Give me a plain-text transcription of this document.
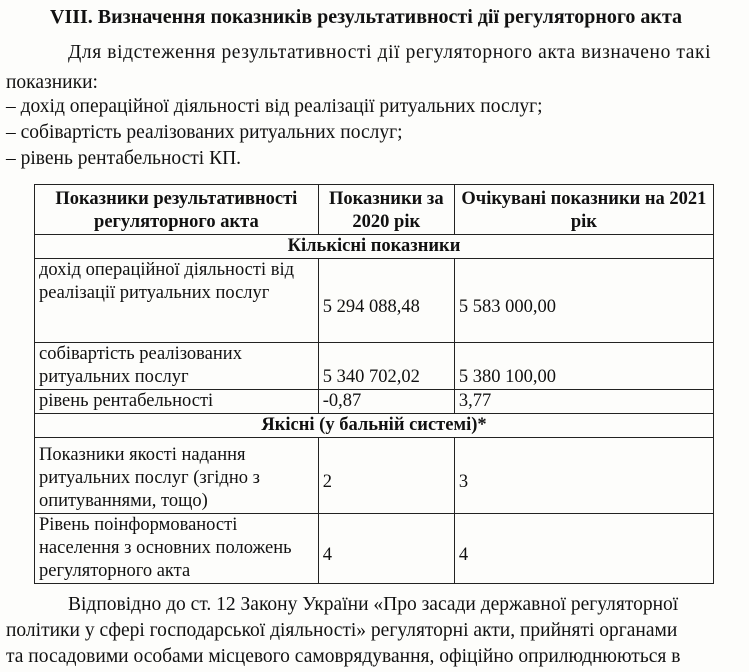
VIII. Визначення показників результативності дії регуляторного акта
Для відстеження результативності дії регуляторного акта визначено такі
показники:
– дохід операційної діяльності від реалізації ритуальних послуг;
– собівартість реалізованих ритуальних послуг;
– рівень рентабельності КП.
Показники результативності регуляторного акта	Показники за 2020 рік	Очікувані показники на 2021 рік
Кількісні показники		
дохід операційної діяльності від реалізації ритуальних послуг	5 294 088,48	5 583 000,00
собівартість реалізованих ритуальних послуг	5 340 702,02	5 380 100,00
рівень рентабельності	-0,87	3,77
Якісні (у бальній системі)*		
Показники якості надання ритуальних послуг (згідно з опитуваннями, тощо)	2	3
Рівень поінформованості населення з основних положень регуляторного акта	4	4
Відповідно до ст. 12 Закону України «Про засади державної регуляторної
політики у сфері господарської діяльності» регуляторні акти, прийняті органами
та посадовими особами місцевого самоврядування, офіційно оприлюднюються в
